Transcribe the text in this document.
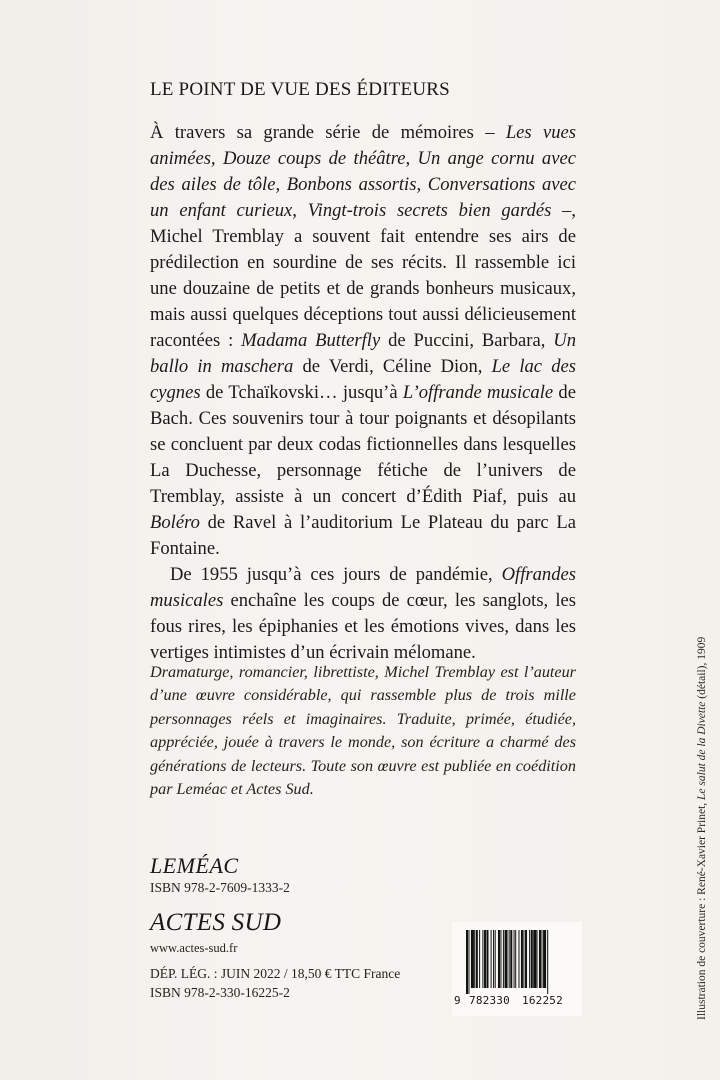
LE POINT DE VUE DES ÉDITEURS

À travers sa grande série de mémoires – Les vues animées, Douze coups de théâtre, Un ange cornu avec des ailes de tôle, Bonbons assortis, Conversations avec un enfant curieux, Vingt-trois secrets bien gardés –, Michel Tremblay a souvent fait entendre ses airs de prédilection en sourdine de ses récits. Il rassemble ici une douzaine de petits et de grands bonheurs musicaux, mais aussi quelques déceptions tout aussi délicieusement racontées : Madama Butterfly de Puccini, Barbara, Un ballo in maschera de Verdi, Céline Dion, Le lac des cygnes de Tchaïkovski… jusqu’à L’offrande musicale de Bach. Ces souvenirs tour à tour poignants et désopilants se concluent par deux codas fictionnelles dans lesquelles La Duchesse, personnage fétiche de l’univers de Tremblay, assiste à un concert d’Édith Piaf, puis au Boléro de Ravel à l’auditorium Le Plateau du parc La Fontaine.

De 1955 jusqu’à ces jours de pandémie, Offrandes musicales enchaîne les coups de cœur, les sanglots, les fous rires, les épiphanies et les émotions vives, dans les vertiges intimistes d’un écrivain mélomane.

Dramaturge, romancier, librettiste, Michel Tremblay est l’auteur d’une œuvre considérable, qui rassemble plus de trois mille personnages réels et imaginaires. Traduite, primée, étudiée, appréciée, jouée à travers le monde, son écriture a charmé des générations de lecteurs. Toute son œuvre est publiée en coédition par Leméac et Actes Sud.

LEMÉAC
ISBN 978-2-7609-1333-2
ACTES SUD
www.actes-sud.fr
DÉP. LÉG. : JUIN 2022 / 18,50 € TTC France
ISBN 978-2-330-16225-2
9 782330 162252	Illustration de couverture : René-Xavier Prinet, Le salut de la Divette (détail), 1909
